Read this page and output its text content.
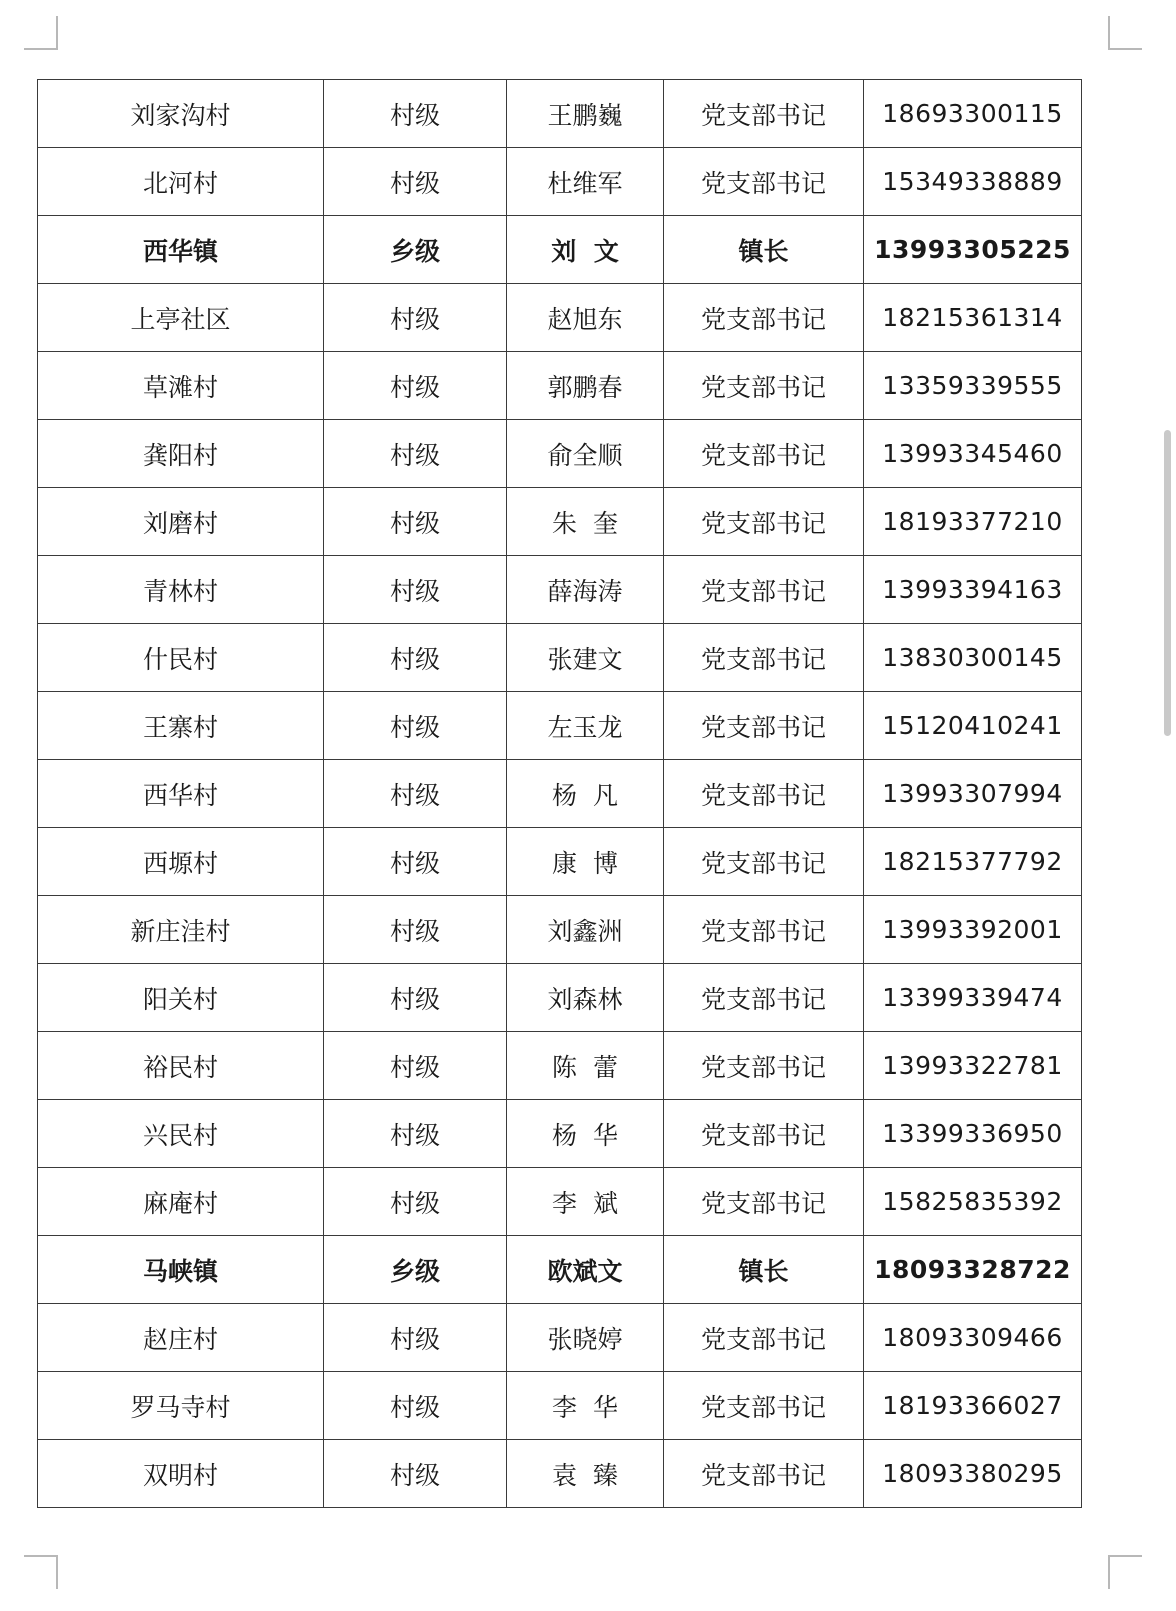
刘家沟村	村级	王鹏巍	党支部书记	18693300115
北河村	村级	杜维军	党支部书记	15349338889
西华镇	乡级	刘  文	镇长	13993305225
上亭社区	村级	赵旭东	党支部书记	18215361314
草滩村	村级	郭鹏春	党支部书记	13359339555
龚阳村	村级	俞全顺	党支部书记	13993345460
刘磨村	村级	朱  奎	党支部书记	18193377210
青林村	村级	薛海涛	党支部书记	13993394163
什民村	村级	张建文	党支部书记	13830300145
王寨村	村级	左玉龙	党支部书记	15120410241
西华村	村级	杨  凡	党支部书记	13993307994
西塬村	村级	康  博	党支部书记	18215377792
新庄洼村	村级	刘鑫洲	党支部书记	13993392001
阳关村	村级	刘森林	党支部书记	13399339474
裕民村	村级	陈  蕾	党支部书记	13993322781
兴民村	村级	杨  华	党支部书记	13399336950
麻庵村	村级	李  斌	党支部书记	15825835392
马峡镇	乡级	欧斌文	镇长	18093328722
赵庄村	村级	张晓婷	党支部书记	18093309466
罗马寺村	村级	李  华	党支部书记	18193366027
双明村	村级	袁  臻	党支部书记	18093380295
